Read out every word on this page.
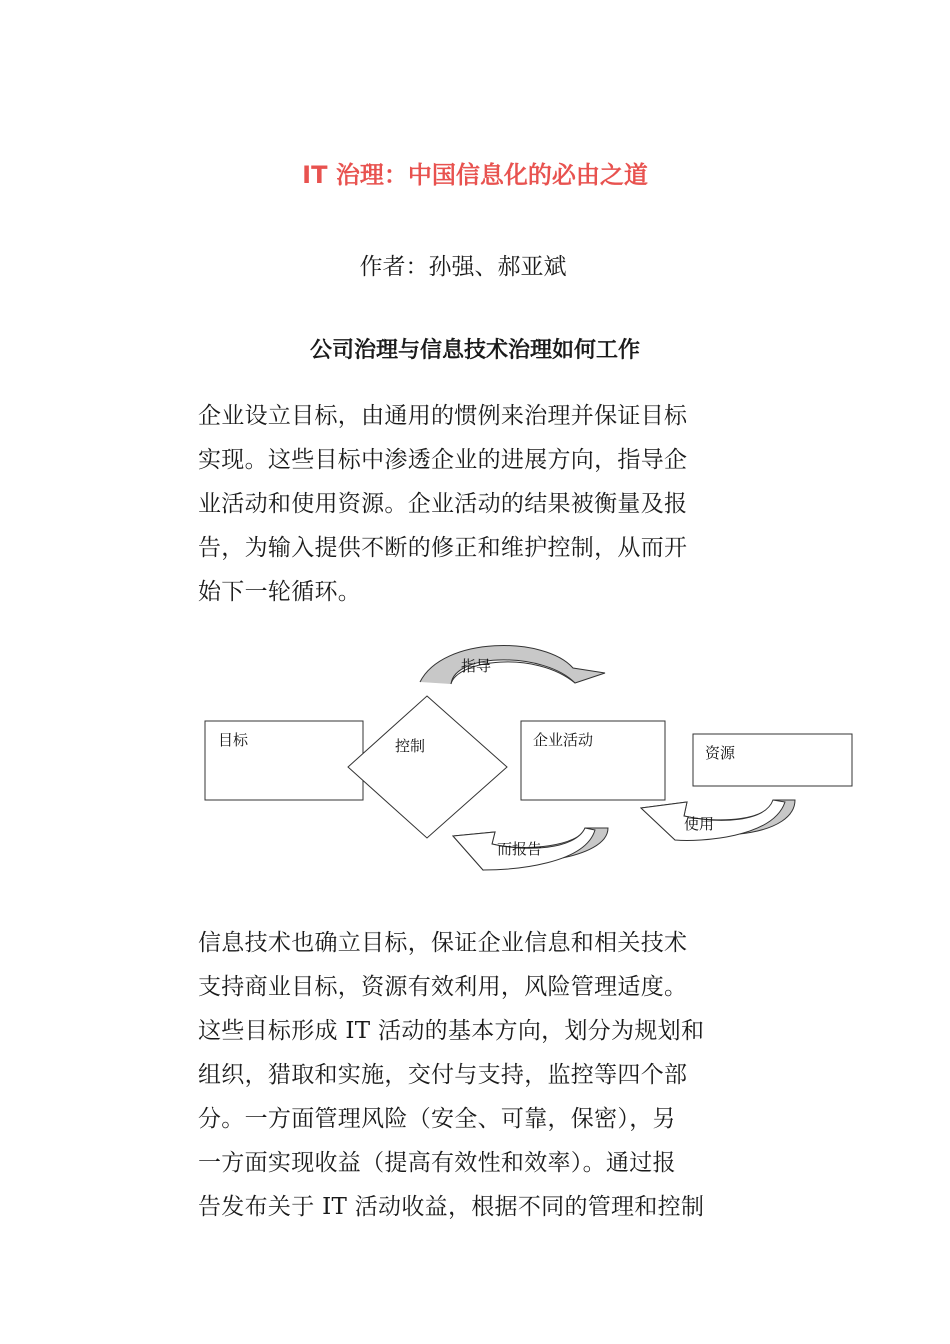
IT 治理：中国信息化的必由之道
作者：孙强、郝亚斌
公司治理与信息技术治理如何工作

企业设立目标，由通用的惯例来治理并保证目标
实现。这些目标中渗透企业的进展方向，指导企
业活动和使用资源。企业活动的结果被衡量及报
告，为输入提供不断的修正和维护控制，从而开
始下一轮循环。

指导
目标	控制	企业活动
资源
使用
而报告

信息技术也确立目标，保证企业信息和相关技术
支持商业目标，资源有效利用，风险管理适度。
这些目标形成 IT 活动的基本方向，划分为规划和
组织，猎取和实施，交付与支持，监控等四个部
分。一方面管理风险（安全、可靠，保密），另
一方面实现收益（提高有效性和效率）。通过报
告发布关于 IT 活动收益，根据不同的管理和控制
